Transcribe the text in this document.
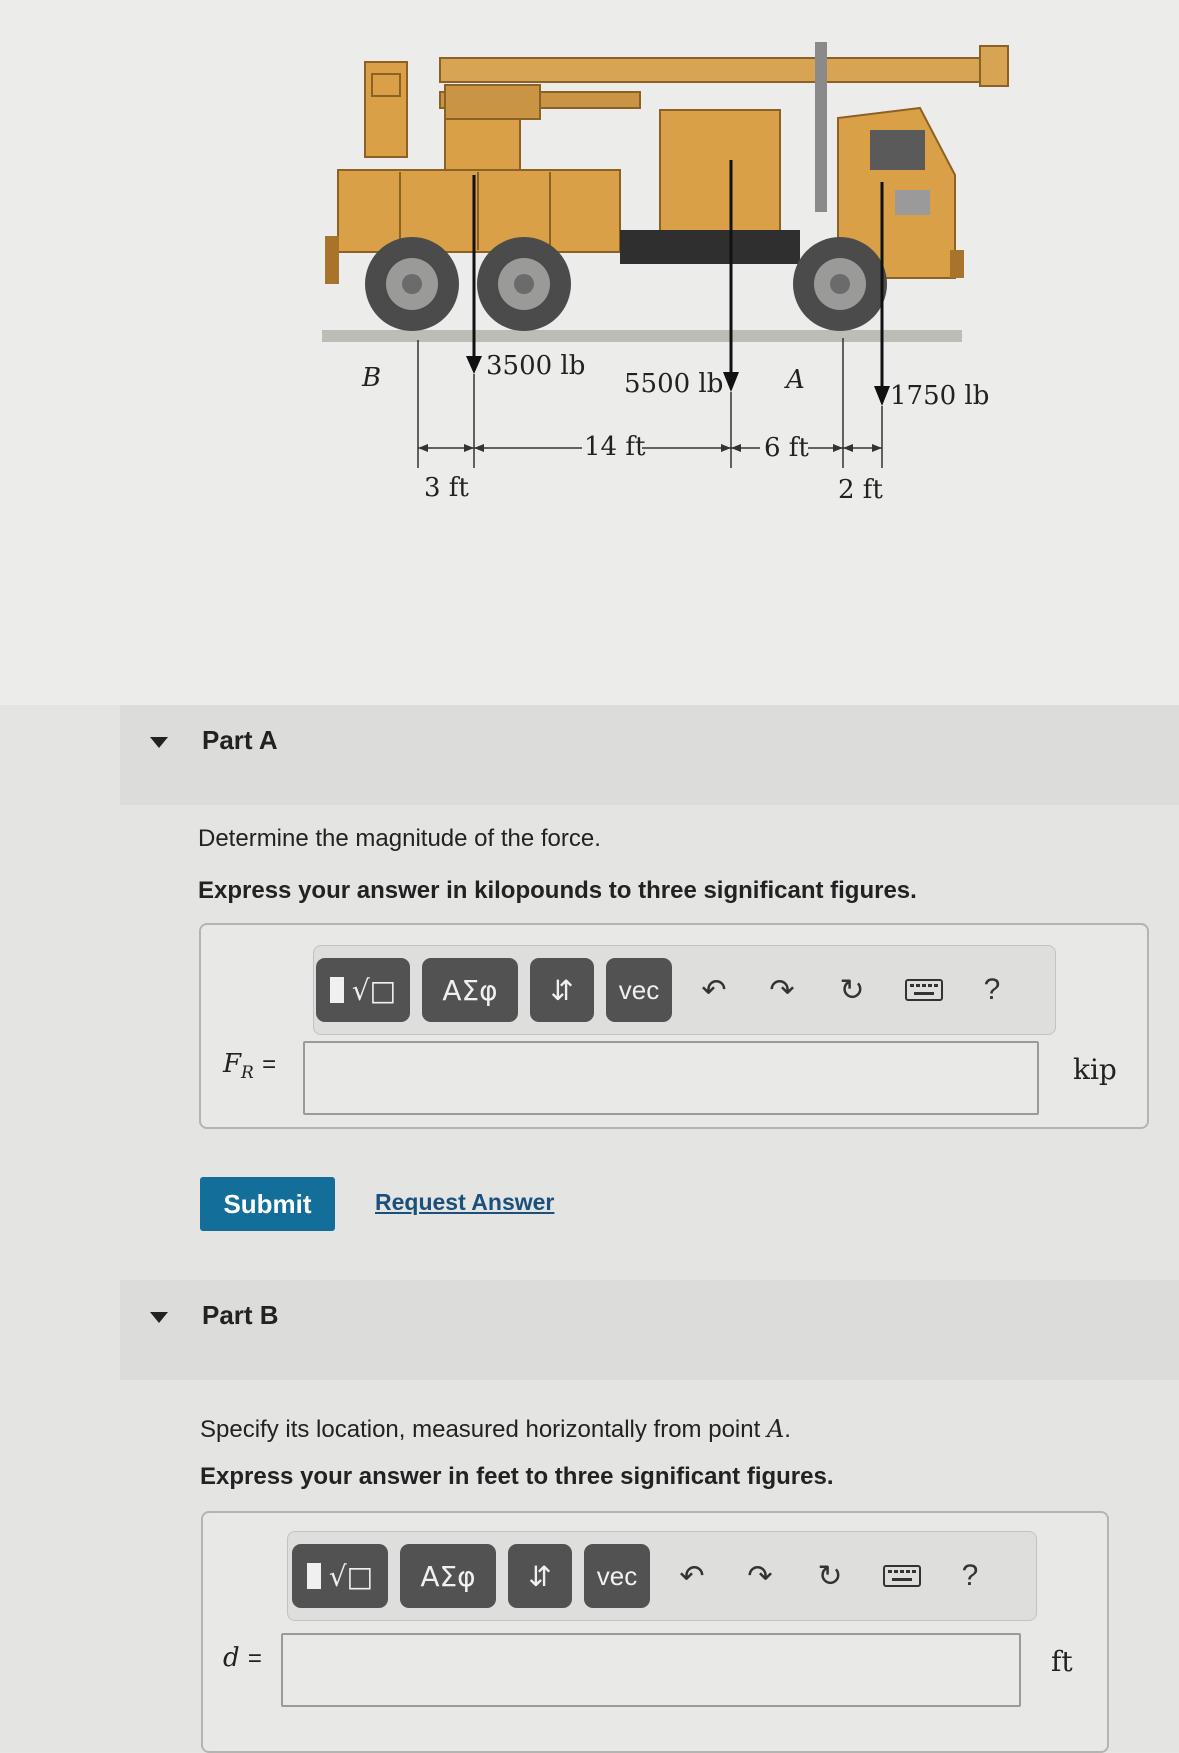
B	A
3500 lb
5500 lb	1750 lb
3 ft
14 ft	6 ft
2 ft
Part A
Determine the magnitude of the force.
Express your answer in kilopounds to three significant figures.
√□	ΑΣφ	⇵	vec	↶ ↷ ↻	?
$F_R$ =	kip
Submit	Request Answer
Part B
Specify its location, measured horizontally from point A.
Express your answer in feet to three significant figures.
√□	ΑΣφ	⇵	vec	↶ ↷ ↻	?
d =	ft
